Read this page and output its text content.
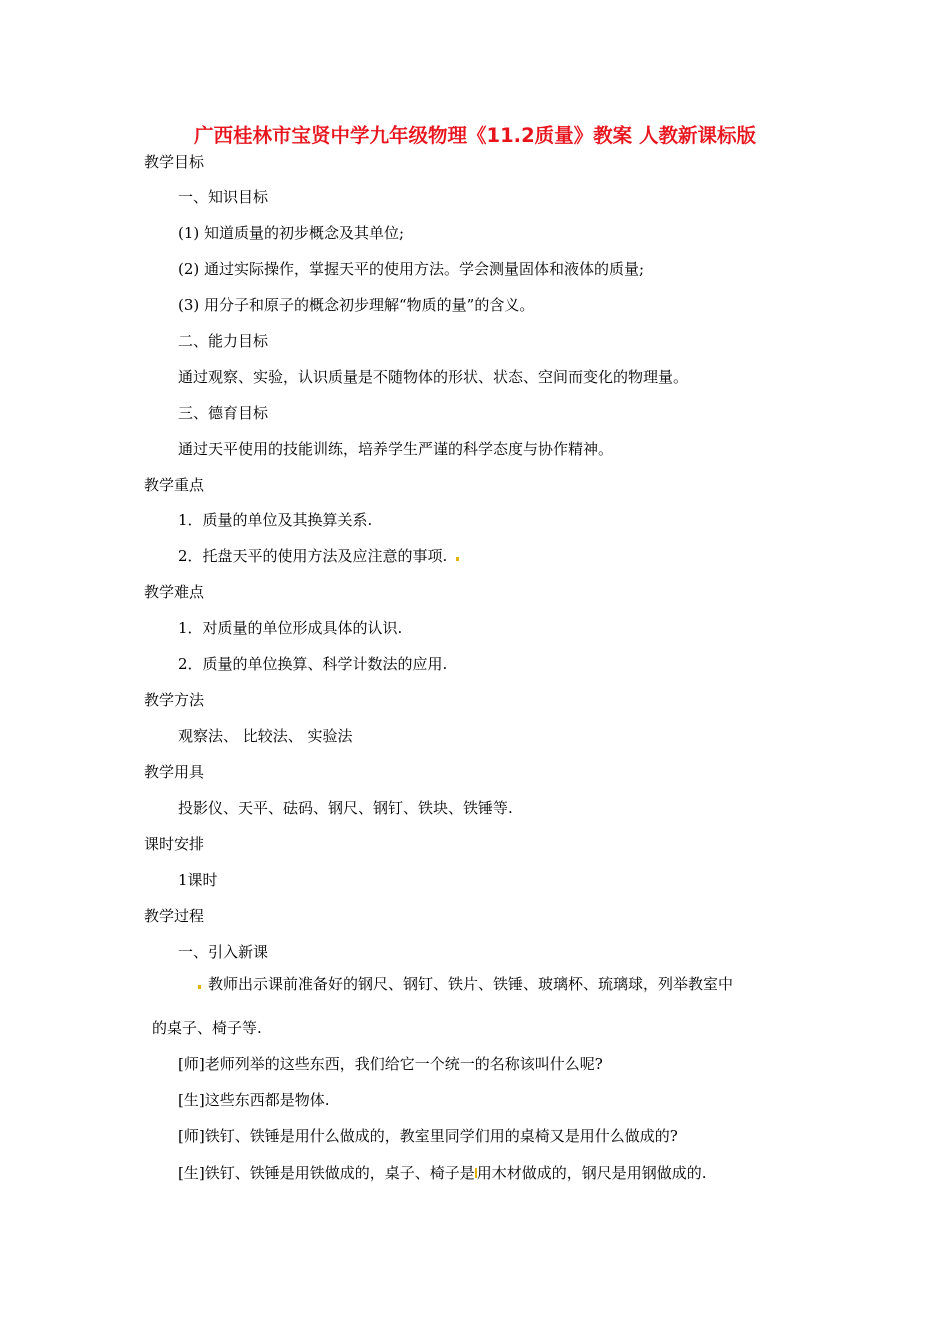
广西桂林市宝贤中学九年级物理《11.2质量》教案 人教新课标版
教学目标
一、知识目标
(1) 知道质量的初步概念及其单位;
(2) 通过实际操作，掌握天平的使用方法。学会测量固体和液体的质量;
(3) 用分子和原子的概念初步理解“物质的量”的含义。
二、能力目标
通过观察、实验，认识质量是不随物体的形状、状态、空间而变化的物理量。
三、德育目标
通过天平使用的技能训练，培养学生严谨的科学态度与协作精神。
教学重点
1．质量的单位及其换算关系.
2．托盘天平的使用方法及应注意的事项.
教学难点
1．对质量的单位形成具体的认识.
2．质量的单位换算、科学计数法的应用.
教学方法
观察法、 比较法、 实验法
教学用具
投影仪、天平、砝码、钢尺、钢钉、铁块、铁锤等.
课时安排
1课时
教学过程
一、引入新课
教师出示课前准备好的钢尺、钢钉、铁片、铁锤、玻璃杯、琉璃球，列举教室中
的桌子、椅子等.
[师]老师列举的这些东西，我们给它一个统一的名称该叫什么呢?
[生]这些东西都是物体.
[师]铁钉、铁锤是用什么做成的，教室里同学们用的桌椅又是用什么做成的?
[生]铁钉、铁锤是用铁做成的，桌子、椅子是 用木材做成的，钢尺是用钢做成的.
